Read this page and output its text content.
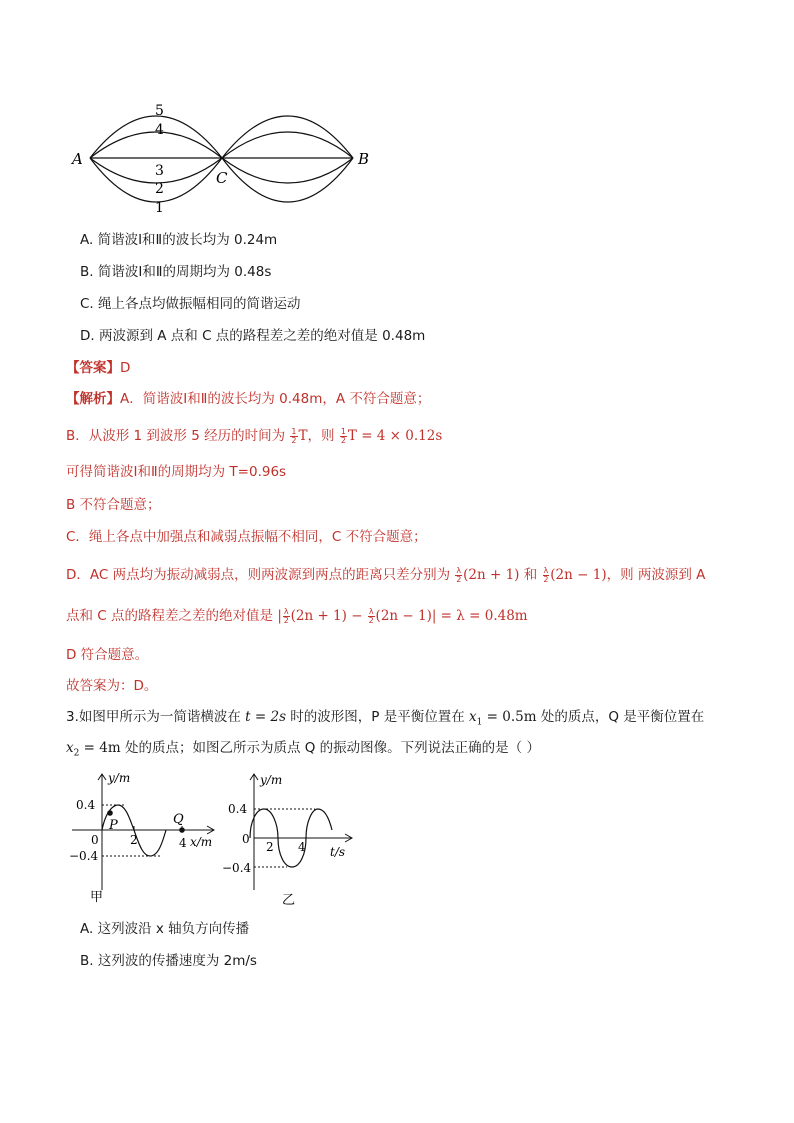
A	B
C
5
4
3
2
1
A. 简谐波Ⅰ和Ⅱ的波长均为 0.24m
B. 简谐波Ⅰ和Ⅱ的周期均为 0.48s
C. 绳上各点均做振幅相同的简谐运动
D. 两波源到 A 点和 C 点的路程差之差的绝对值是 0.48m
【答案】D
【解析】A．简谐波Ⅰ和Ⅱ的波长均为 0.48m，A 不符合题意；
B．从波形 1 到波形 5 经历的时间为 $\frac{1}{2}$ T，则 $\frac{1}{2}$ T = 4 × 0.12s
可得简谐波Ⅰ和Ⅱ的周期均为 T=0.96s
B 不符合题意；
C．绳上各点中加强点和减弱点振幅不相同，C 不符合题意；
D．AC 两点均为振动减弱点，则两波源到两点的距离只差分别为 $\frac{\lambda}{2} (2n + 1)$ 和 $\frac{\lambda}{2} (2n - 1)$，则 两波源到 A
点和 C 点的路程差之差的绝对值是 | $\frac{\lambda}{2} (2n + 1) - \frac{\lambda}{2} (2n - 1)| = \lambda = 0.48m$
D 符合题意。
故答案为：D。
3.如图甲所示为一简谐横波在 t = 2s 时的波形图，P 是平衡位置在 $x_1 = 0.5m$ 处的质点，Q 是平衡位置在
$x_2 = 4m$ 处的质点；如图乙所示为质点 Q 的振动图像。下列说法正确的是（ ）
y/m
0.4
−0.4
0	2	4 x/m
P	Q
甲
y/m
0.4
−0.4
0
2 4 t/s
乙
A. 这列波沿 x 轴负方向传播
B. 这列波的传播速度为 2m/s
